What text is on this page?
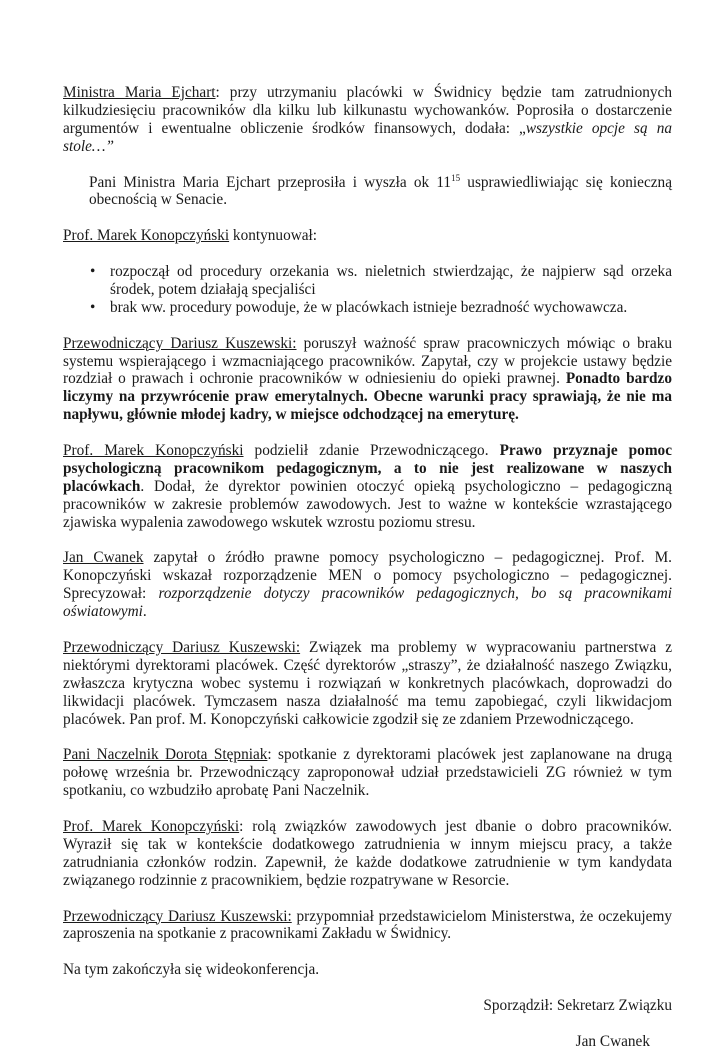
Ministra Maria Ejchart: przy utrzymaniu placówki w Świdnicy będzie tam zatrudnionych kilkudziesięciu pracowników dla kilku lub kilkunastu wychowanków. Poprosiła o dostarczenie argumentów i ewentualne obliczenie środków finansowych, dodała: „wszystkie opcje są na stole…”

Pani Ministra Maria Ejchart przeprosiła i wyszła ok $11^{15}$ usprawiedliwiając się konieczną obecnością w Senacie.

Prof. Marek Konopczyński kontynuował:

• rozpoczął od procedury orzekania ws. nieletnich stwierdzając, że najpierw sąd orzeka środek, potem działają specjaliści
• brak ww. procedury powoduje, że w placówkach istnieje bezradność wychowawcza.

Przewodniczący Dariusz Kuszewski: poruszył ważność spraw pracowniczych mówiąc o braku systemu wspierającego i wzmacniającego pracowników. Zapytał, czy w projekcie ustawy będzie rozdział o prawach i ochronie pracowników w odniesieniu do opieki prawnej. Ponadto bardzo liczymy na przywrócenie praw emerytalnych. Obecne warunki pracy sprawiają, że nie ma napływu, głównie młodej kadry, w miejsce odchodzącej na emeryturę.

Prof. Marek Konopczyński podzielił zdanie Przewodniczącego. Prawo przyznaje pomoc psychologiczną pracownikom pedagogicznym, a to nie jest realizowane w naszych placówkach. Dodał, że dyrektor powinien otoczyć opieką psychologiczno – pedagogiczną pracowników w zakresie problemów zawodowych. Jest to ważne w kontekście wzrastającego zjawiska wypalenia zawodowego wskutek wzrostu poziomu stresu.

Jan Cwanek zapytał o źródło prawne pomocy psychologiczno – pedagogicznej. Prof. M. Konopczyński wskazał rozporządzenie MEN o pomocy psychologiczno – pedagogicznej. Sprecyzował: rozporządzenie dotyczy pracowników pedagogicznych, bo są pracownikami oświatowymi.

Przewodniczący Dariusz Kuszewski: Związek ma problemy w wypracowaniu partnerstwa z niektórymi dyrektorami placówek. Część dyrektorów „straszy”, że działalność naszego Związku, zwłaszcza krytyczna wobec systemu i rozwiązań w konkretnych placówkach, doprowadzi do likwidacji placówek. Tymczasem nasza działalność ma temu zapobiegać, czyli likwidacjom placówek. Pan prof. M. Konopczyński całkowicie zgodził się ze zdaniem Przewodniczącego.

Pani Naczelnik Dorota Stępniak: spotkanie z dyrektorami placówek jest zaplanowane na drugą połowę września br. Przewodniczący zaproponował udział przedstawicieli ZG również w tym spotkaniu, co wzbudziło aprobatę Pani Naczelnik.

Prof. Marek Konopczyński: rolą związków zawodowych jest dbanie o dobro pracowników. Wyraził się tak w kontekście dodatkowego zatrudnienia w innym miejscu pracy, a także zatrudniania członków rodzin. Zapewnił, że każde dodatkowe zatrudnienie w tym kandydata związanego rodzinnie z pracownikiem, będzie rozpatrywane w Resorcie.

Przewodniczący Dariusz Kuszewski: przypomniał przedstawicielom Ministerstwa, że oczekujemy zaproszenia na spotkanie z pracownikami Zakładu w Świdnicy.

Na tym zakończyła się wideokonferencja.

Sporządził: Sekretarz Związku

Jan Cwanek
